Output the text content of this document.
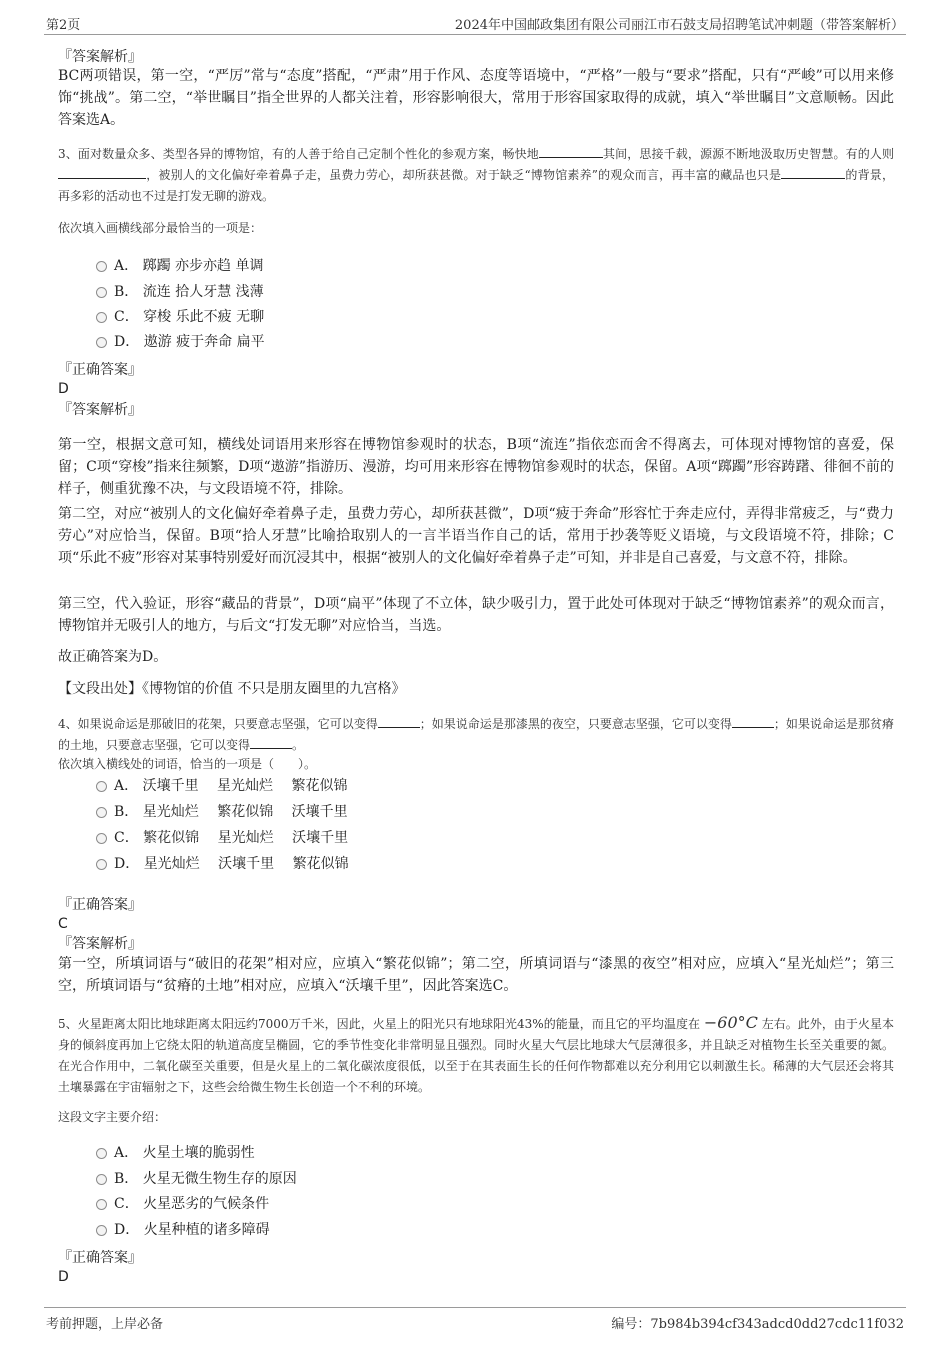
第2页	2024年中国邮政集团有限公司丽江市石鼓支局招聘笔试冲刺题（带答案解析）
『答案解析』
BC两项错误，第一空，“严厉”常与“态度”搭配，“严肃”用于作风、态度等语境中，“严格”一般与“要求”搭配，只有“严峻”可以用来修饰“挑战”。第二空，“举世瞩目”指全世界的人都关注着，形容影响很大，常用于形容国家取得的成就，填入“举世瞩目”文意顺畅。因此答案选A。
3、面对数量众多、类型各异的博物馆，有的人善于给自己定制个性化的参观方案，畅快地	其间，思接千载，源源不断地汲取历史智慧。有的人则，被别人的文化偏好牵着鼻子走，虽费力劳心，却所获甚微。对于缺乏“博物馆素养”的观众而言，再丰富的藏品也只是	的背景，再多彩的活动也不过是打发无聊的游戏。
依次填入画横线部分最恰当的一项是：
A． 踯躅 亦步亦趋 单调
B． 流连 拾人牙慧 浅薄
C． 穿梭 乐此不疲 无聊
D． 遨游 疲于奔命 扁平
『正确答案』
D
『答案解析』
第一空，根据文意可知，横线处词语用来形容在博物馆参观时的状态，B项“流连”指依恋而舍不得离去，可体现对博物馆的喜爱，保留；C项“穿梭”指来往频繁，D项“遨游”指游历、漫游，均可用来形容在博物馆参观时的状态，保留。A项“踯躅”形容踌躇、徘徊不前的样子，侧重犹豫不决，与文段语境不符，排除。
第二空，对应“被别人的文化偏好牵着鼻子走，虽费力劳心，却所获甚微”，D项“疲于奔命”形容忙于奔走应付，弄得非常疲乏，与“费力劳心”对应恰当，保留。B项“拾人牙慧”比喻拾取别人的一言半语当作自己的话，常用于抄袭等贬义语境，与文段语境不符，排除；C项“乐此不疲”形容对某事特别爱好而沉浸其中，根据“被别人的文化偏好牵着鼻子走”可知，并非是自己喜爱，与文意不符，排除。
第三空，代入验证，形容“藏品的背景”，D项“扁平”体现了不立体，缺少吸引力，置于此处可体现对于缺乏“博物馆素养”的观众而言，博物馆并无吸引人的地方，与后文“打发无聊”对应恰当，当选。
故正确答案为D。
【文段出处】《博物馆的价值 不只是朋友圈里的九宫格》
4、如果说命运是那破旧的花架，只要意志坚强，它可以变得	；如果说命运是那漆黑的夜空，只要意志坚强，它可以变得	；如果说命运是那贫瘠的土地，只要意志坚强，它可以变得	。
依次填入横线处的词语，恰当的一项是（　　）。
A． 沃壤千里　 星光灿烂　 繁花似锦
B． 星光灿烂　 繁花似锦　 沃壤千里
C． 繁花似锦　 星光灿烂　 沃壤千里
D． 星光灿烂　 沃壤千里　 繁花似锦
『正确答案』
C
『答案解析』
第一空，所填词语与“破旧的花架”相对应，应填入“繁花似锦”；第二空，所填词语与“漆黑的夜空”相对应，应填入“星光灿烂”；第三空，所填词语与“贫瘠的土地”相对应，应填入“沃壤千里”，因此答案选C。
5、火星距离太阳比地球距离太阳远约7000万千米，因此，火星上的阳光只有地球阳光43%的能量，而且它的平均温度在 −60°C 左右。此外，由于火星本身的倾斜度再加上它绕太阳的轨道高度呈椭圆，它的季节性变化非常明显且强烈。同时火星大气层比地球大气层薄很多，并且缺乏对植物生长至关重要的氮。在光合作用中，二氧化碳至关重要，但是火星上的二氧化碳浓度很低，以至于在其表面生长的任何作物都难以充分利用它以刺激生长。稀薄的大气层还会将其土壤暴露在宇宙辐射之下，这些会给微生物生长创造一个不利的环境。
这段文字主要介绍：
A． 火星土壤的脆弱性
B． 火星无微生物生存的原因
C． 火星恶劣的气候条件
D． 火星种植的诸多障碍
『正确答案』
D
考前押题，上岸必备	编号：7b984b394cf343adcd0dd27cdc11f032
